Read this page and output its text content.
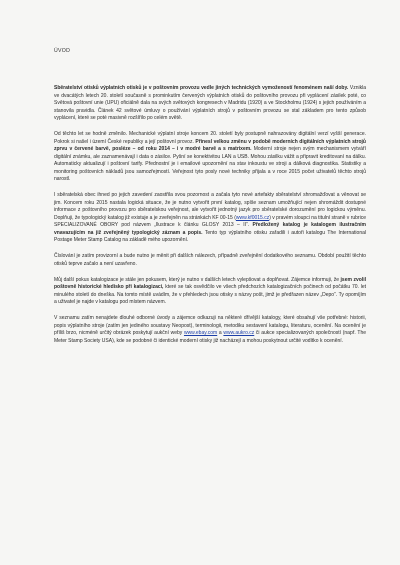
ÚVOD

Sběratelství otisků výplatních otisků je v poštovním provozu vedle jiných technických vymožeností fenoménem naší doby. Vznikla ve dvacátých letech 20. století současně s prominkutím červených výplatních otisků do poštovního provozu při vyplácení zásilek poté, co Světová poštovní unie (UPU) oficiálně dala na svých světových kongresech v Madridu (1920) a ve Stockholmu (1924) s jejich používáním a stanovila pravidla. Článek 42 světové úmluvy o používání výplatních strojů v poštovním provozu se stal základem pro tento způsob vyplácení, které se poté masivně rozšířilo po celém světě.

Od těchto let se hodně změnilo. Mechanické výplatní stroje koncem 20. století byly postupně nahrazovány digitální verzí vyšší generace. Pokrok si našel i území České republiky a její poštovní provoz. Přinesl velkou změnu v podobě moderních digitálních výplatních strojů zprvu v červené barvě, posléze – od roku 2014 – i v modré barvě a s matrixem. Moderní stroje nejen svým mechanismem vytváří digitální známku, ale zaznamenávají i data o zásilce. Pyšní se konektivitou LAN a USB. Mohou zásilku vážit a připravit kreditovaní na dálku. Automaticky aktualizují i poštovní tarify. Přednostní je i emailové upozornění na stav inkoustu ve stroji a dálková diagnostika. Statistiky a monitoring poštovních nákladů jsou samozřejmostí. Veřejnost tyto posly nové techniky přijala a v roce 2015 počet uživatelů těchto strojů narostl.

I sběratelská obec ihned po jejich zavedení zaostřila svou pozornost a začala tyto nové artefakty sběratelství shromažďovat a věnovat se jim. Koncem roku 2015 nastala logická situace, že je nutno vytvořit první katalog, spíše seznam umožňující nejen shromáždit dostupné informace z poštovního provozu pro sběratelskou veřejnost, ale vytvořit jednotný jazyk pro sběratelské dorozumění pro logickou výměnu. Doplňuji, že typologický katalog již existuje a je zveřejněn na stránkách KF 00-15 (www.kf0015.cz) v pravém sloupci na titulní straně v rubrice SPECIALIZOVANÉ OBORY pod názvem „Ilustrace k článku GLOSY 2013 – II“. Předložený katalog je katalogem ilustračním vnavazujícím na již zveřejněný typologický záznam a popis. Tento typ výplatního otisku zařadili i autoři katalogu The International Postage Meter Stamp Catalog na základě mého upozornění.

Číslování je zatím provizorní a bude nutno je měnit při dalších nálezech, případně zveřejnění dodatkového seznamu. Období použití těchto otisků teprve začalo a není uzavřeno.

Můj další pokus katalogizace je stále jen pokusem, který je nutno v dalších letech vylepšovat a doplňovat. Zájemce informuji, že jsem zvolil poštovně historické hledisko při katalogizaci, které se tak osvědčilo ve všech předchozích katalogizačních počinech od počátku 70. let minulého století do dneška. Na tomto místě uvádím, že v přehledech jsou otisky s názvy pošt, jimž je předřazen název „Depo“. Ty opomíjím a uživatel je najde v katalogu pod místem názvem.

V seznamu zatím nenajdete dlouhé odborné úvody a zájemce odkazuji na některé dřívější katalogy, které obsahují vše potřebné: historii, popis výplatního stroje (zatím jen jediného soustavy Neopost), terminologii, metodiku sestavení katalogu, literaturu, ocenění. Na ocenění je příliš brzo, nicméně určitý obrázek poskytují aukční weby www.ebay.com a www.aukro.cz či aukce specializovaných společností (např. The Meter Stamp Society USA), kde se podobné či identické moderní otisky již nacházejí a mohou poskytnout určité vodítko k ocenění.
